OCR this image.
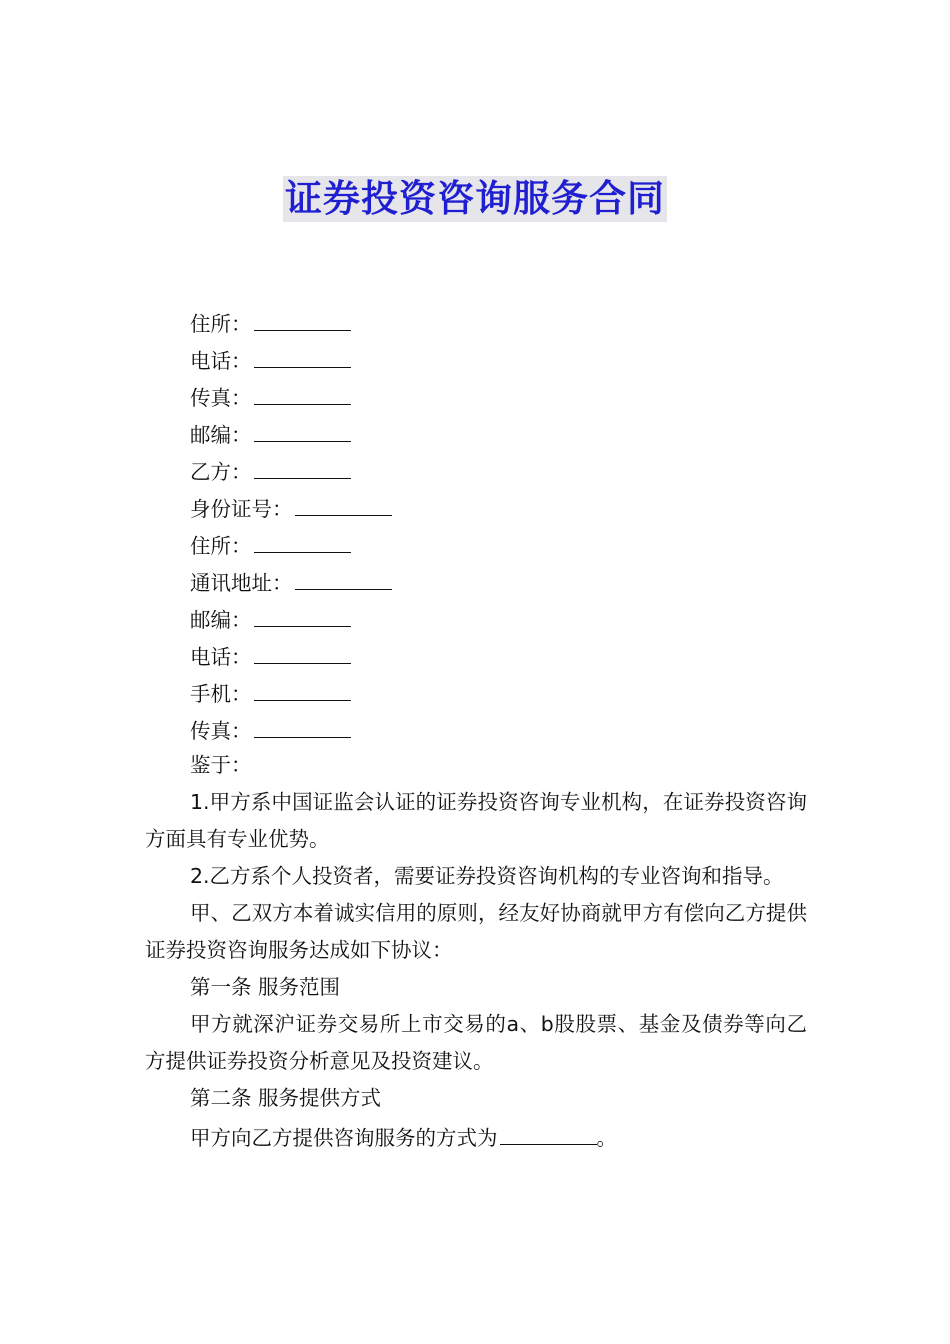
证券投资咨询服务合同
住所：
电话：
传真：
邮编：
乙方：
身份证号：
住所：
通讯地址：
邮编：
电话：
手机：
传真：
鉴于：
1.甲方系中国证监会认证的证券投资咨询专业机构，在证券投资咨询方面具有专业优势。
2.乙方系个人投资者，需要证券投资咨询机构的专业咨询和指导。
甲、乙双方本着诚实信用的原则，经友好协商就甲方有偿向乙方提供证券投资咨询服务达成如下协议：
第一条 服务范围
甲方就深沪证券交易所上市交易的a、b股股票、基金及债券等向乙方提供证券投资分析意见及投资建议。
第二条 服务提供方式
甲方向乙方提供咨询服务的方式为	。
